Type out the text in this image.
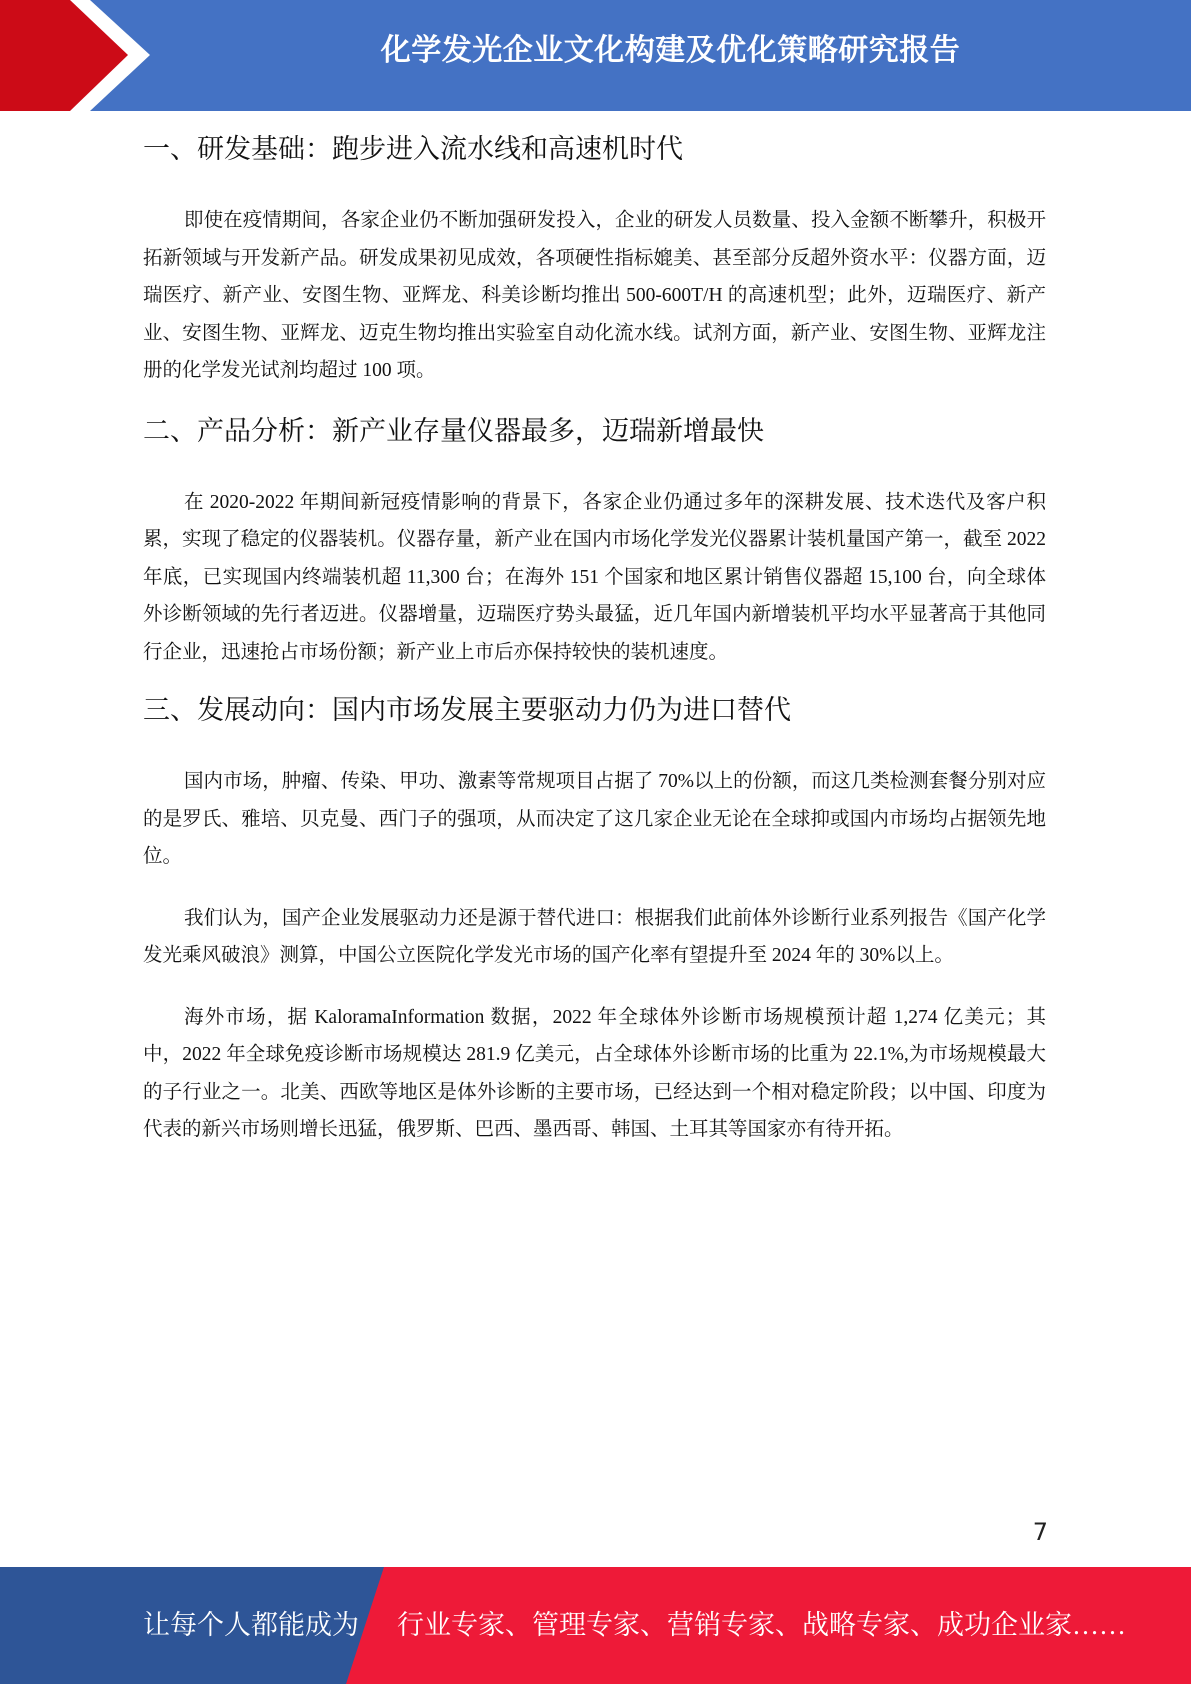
化学发光企业文化构建及优化策略研究报告
一、研发基础：跑步进入流水线和高速机时代

即使在疫情期间，各家企业仍不断加强研发投入，企业的研发人员数量、投入金额不断攀升，积极开拓新领域与开发新产品。研发成果初见成效，各项硬性指标媲美、甚至部分反超外资水平：仪器方面，迈瑞医疗、新产业、安图生物、亚辉龙、科美诊断均推出 500-600T/H 的高速机型；此外，迈瑞医疗、新产业、安图生物、亚辉龙、迈克生物均推出实验室自动化流水线。试剂方面，新产业、安图生物、亚辉龙注册的化学发光试剂均超过 100 项。

二、产品分析：新产业存量仪器最多，迈瑞新增最快

在 2020-2022 年期间新冠疫情影响的背景下，各家企业仍通过多年的深耕发展、技术迭代及客户积累，实现了稳定的仪器装机。仪器存量，新产业在国内市场化学发光仪器累计装机量国产第一，截至 2022 年底，已实现国内终端装机超 11,300 台；在海外 151 个国家和地区累计销售仪器超 15,100 台，向全球体外诊断领域的先行者迈进。仪器增量，迈瑞医疗势头最猛，近几年国内新增装机平均水平显著高于其他同行企业，迅速抢占市场份额；新产业上市后亦保持较快的装机速度。

三、发展动向：国内市场发展主要驱动力仍为进口替代

国内市场，肿瘤、传染、甲功、激素等常规项目占据了 70%以上的份额，而这几类检测套餐分别对应的是罗氏、雅培、贝克曼、西门子的强项，从而决定了这几家企业无论在全球抑或国内市场均占据领先地位。

我们认为，国产企业发展驱动力还是源于替代进口：根据我们此前体外诊断行业系列报告《国产化学发光乘风破浪》测算，中国公立医院化学发光市场的国产化率有望提升至 2024 年的 30%以上。

海外市场，据 KaloramaInformation 数据，2022 年全球体外诊断市场规模预计超 1,274 亿美元；其中，2022 年全球免疫诊断市场规模达 281.9 亿美元，占全球体外诊断市场的比重为 22.1%,为市场规模最大的子行业之一。北美、西欧等地区是体外诊断的主要市场，已经达到一个相对稳定阶段；以中国、印度为代表的新兴市场则增长迅猛，俄罗斯、巴西、墨西哥、韩国、土耳其等国家亦有待开拓。

7
让每个人都能成为 行业专家、管理专家、营销专家、战略专家、成功企业家……
